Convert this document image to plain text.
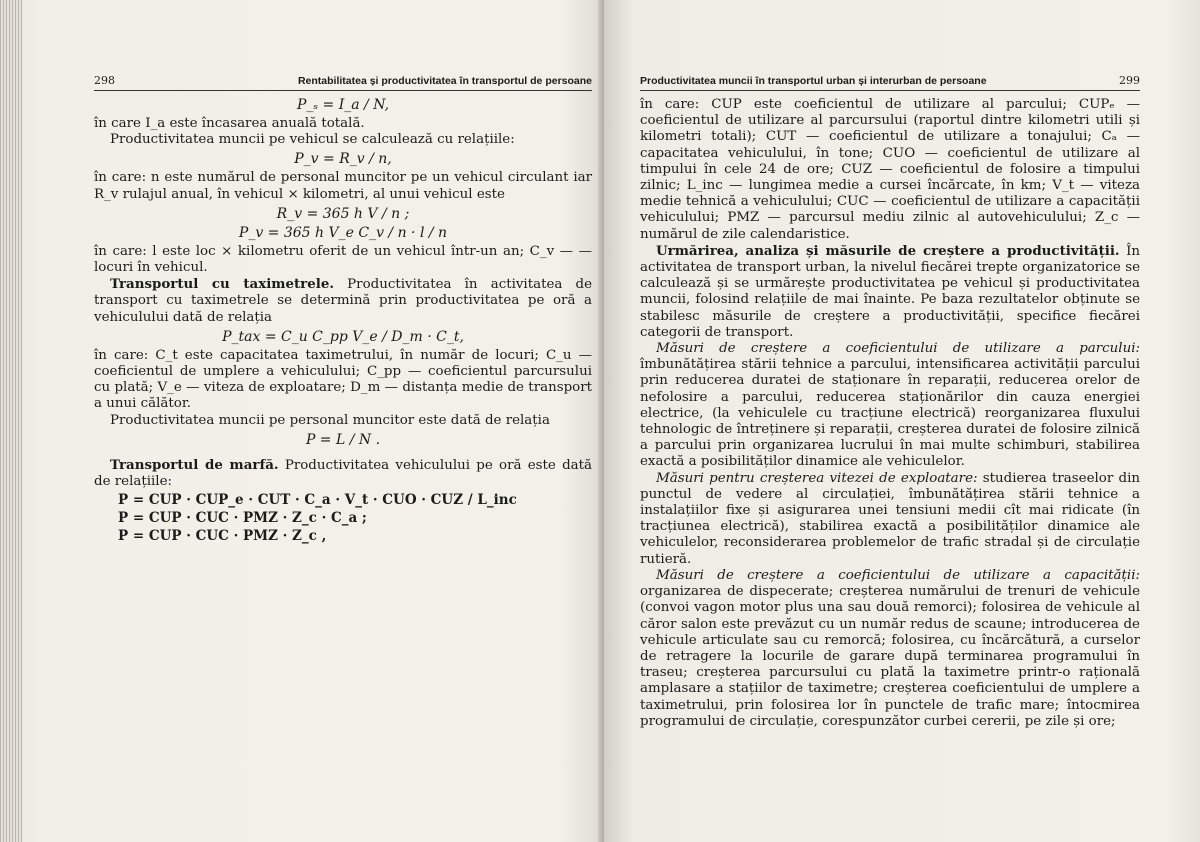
298	Rentabilitatea și productivitatea în transportul de persoane
P_ₛ = I_a / N,

în care I_a este încasarea anuală totală.

Productivitatea muncii pe vehicul se calculează cu relațiile:

P_v = R_v / n,

în care: n este numărul de personal muncitor pe un vehicul circulant iar R_v rulajul anual, în vehicul × kilometri, al unui vehicul este

R_v = 365 h V / n ;
P_v = 365 h V_e C_v / n · l / n

în care: l este loc × kilometru oferit de un vehicul într-un an; C_v — — locuri în vehicul.

Transportul cu taximetrele. Productivitatea în activitatea de transport cu taximetrele se determină prin productivitatea pe oră a vehiculului dată de relația

P_tax = C_u C_pp V_e / D_m · C_t,

în care: C_t este capacitatea taximetrului, în număr de locuri; C_u — coeficientul de umplere a vehiculului; C_pp — coeficientul parcursului cu plată; V_e — viteza de exploatare; D_m — distanța medie de transport a unui călător.

Productivitatea muncii pe personal muncitor este dată de relația

P = L / N .

Transportul de marfă. Productivitatea vehiculului pe oră este dată de relațiile:

P = CUP · CUP_e · CUT · C_a · V_t · CUO · CUZ / L_inc
P = CUP · CUC · PMZ · Z_c · C_a ;
P = CUP · CUC · PMZ · Z_c ,
Productivitatea muncii în transportul urban și interurban de persoane	299

în care: CUP este coeficientul de utilizare al parcului; CUPₑ — coeficientul de utilizare al parcursului (raportul dintre kilometri utili și kilometri totali); CUT — coeficientul de utilizare a tonajului; Cₐ — capacitatea vehiculului, în tone; CUO — coeficientul de utilizare al timpului în cele 24 de ore; CUZ — coeficientul de folosire a timpului zilnic; L_inc — lungimea medie a cursei încărcate, în km; V_t — viteza medie tehnică a vehiculului; CUC — coeficientul de utilizare a capacității vehiculului; PMZ — parcursul mediu zilnic al autovehiculului; Z_c — numărul de zile calendaristice.

Urmărirea, analiza și măsurile de creștere a productivității. În activitatea de transport urban, la nivelul fiecărei trepte organizatorice se calculează și se urmărește productivitatea pe vehicul și productivitatea muncii, folosind relațiile de mai înainte. Pe baza rezultatelor obținute se stabilesc măsurile de creștere a productivității, specifice fiecărei categorii de transport.

Măsuri de creștere a coeficientului de utilizare a parcului: îmbunătățirea stării tehnice a parcului, intensificarea activității parcului prin reducerea duratei de staționare în reparații, reducerea orelor de nefolosire a parcului, reducerea staționărilor din cauza energiei electrice, (la vehiculele cu tracțiune electrică) reorganizarea fluxului tehnologic de întreținere și reparații, creșterea duratei de folosire zilnică a parcului prin organizarea lucrului în mai multe schimburi, stabilirea exactă a posibilităților dinamice ale vehiculelor.

Măsuri pentru creșterea vitezei de exploatare: studierea traseelor din punctul de vedere al circulației, îmbunătățirea stării tehnice a instalațiilor fixe și asigurarea unei tensiuni medii cît mai ridicate (în tracțiunea electrică), stabilirea exactă a posibilităților dinamice ale vehiculelor, reconsiderarea problemelor de trafic stradal și de circulație rutieră.

Măsuri de creștere a coeficientului de utilizare a capacității: organizarea de dispecerate; creșterea numărului de trenuri de vehicule (convoi vagon motor plus una sau două remorci); folosirea de vehicule al căror salon este prevăzut cu un număr redus de scaune; introducerea de vehicule articulate sau cu remorcă; folosirea, cu încărcătură, a curselor de retragere la locurile de garare după terminarea programului în traseu; creșterea parcursului cu plată la taximetre printr-o rațională amplasare a stațiilor de taximetre; creșterea coeficientului de umplere a taximetrului, prin folosirea lor în punctele de trafic mare; întocmirea programului de circulație, corespunzător curbei cererii, pe zile și ore;
